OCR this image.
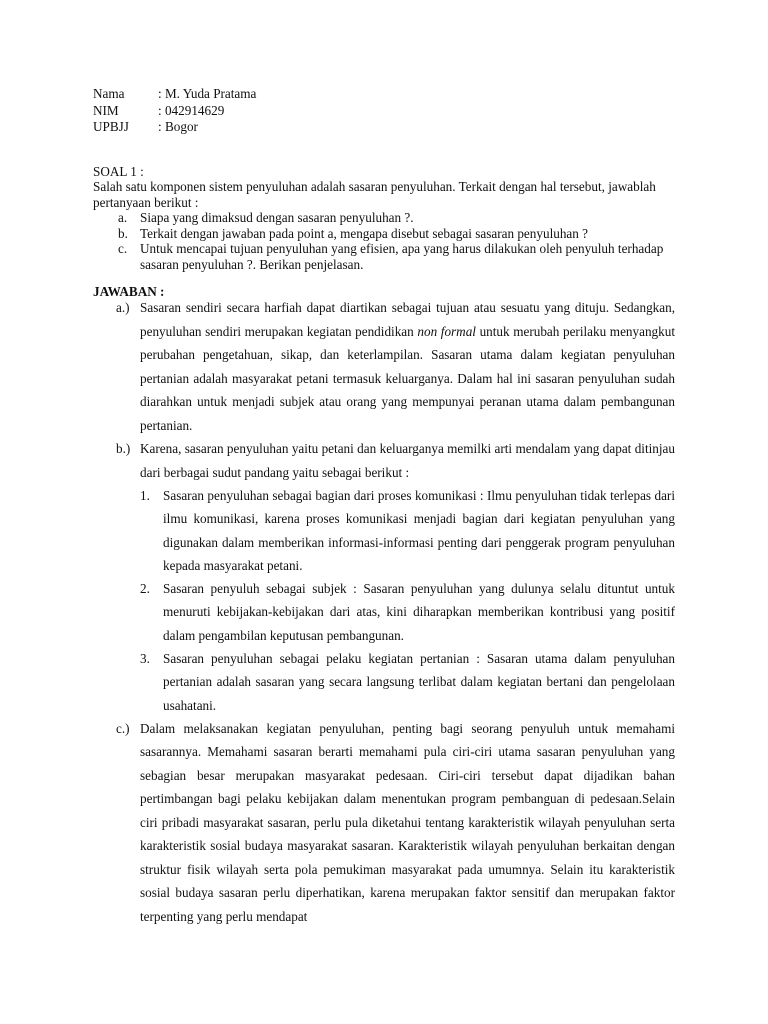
Nama	: M. Yuda Pratama
NIM	: 042914629
UPBJJ	: Bogor
SOAL 1 :
Salah satu komponen sistem penyuluhan adalah sasaran penyuluhan. Terkait dengan hal tersebut, jawablah pertanyaan berikut :
a. Siapa yang dimaksud dengan sasaran penyuluhan ?.
b. Terkait dengan jawaban pada point a, mengapa disebut sebagai sasaran penyuluhan ?
c. Untuk mencapai tujuan penyuluhan yang efisien, apa yang harus dilakukan oleh penyuluh terhadap sasaran penyuluhan ?. Berikan penjelasan.
JAWABAN :
a.) Sasaran sendiri secara harfiah dapat diartikan sebagai tujuan atau sesuatu yang dituju. Sedangkan, penyuluhan sendiri merupakan kegiatan pendidikan non formal untuk merubah perilaku menyangkut perubahan pengetahuan, sikap, dan keterlampilan. Sasaran utama dalam kegiatan penyuluhan pertanian adalah masyarakat petani termasuk keluarganya. Dalam hal ini sasaran penyuluhan sudah diarahkan untuk menjadi subjek atau orang yang mempunyai peranan utama dalam pembangunan pertanian.
b.) Karena, sasaran penyuluhan yaitu petani dan keluarganya memilki arti mendalam yang dapat ditinjau dari berbagai sudut pandang yaitu sebagai berikut :
1. Sasaran penyuluhan sebagai bagian dari proses komunikasi : Ilmu penyuluhan tidak terlepas dari ilmu komunikasi, karena proses komunikasi menjadi bagian dari kegiatan penyuluhan yang digunakan dalam memberikan informasi-informasi penting dari penggerak program penyuluhan kepada masyarakat petani.
2. Sasaran penyuluh sebagai subjek : Sasaran penyuluhan yang dulunya selalu dituntut untuk menuruti kebijakan-kebijakan dari atas, kini diharapkan memberikan kontribusi yang positif dalam pengambilan keputusan pembangunan.
3. Sasaran penyuluhan sebagai pelaku kegiatan pertanian : Sasaran utama dalam penyuluhan pertanian adalah sasaran yang secara langsung terlibat dalam kegiatan bertani dan pengelolaan usahatani.
c.) Dalam melaksanakan kegiatan penyuluhan, penting bagi seorang penyuluh untuk memahami sasarannya. Memahami sasaran berarti memahami pula ciri-ciri utama sasaran penyuluhan yang sebagian besar merupakan masyarakat pedesaan. Ciri-ciri tersebut dapat dijadikan bahan pertimbangan bagi pelaku kebijakan dalam menentukan program pembanguan di pedesaan.Selain ciri pribadi masyarakat sasaran, perlu pula diketahui tentang karakteristik wilayah penyuluhan serta karakteristik sosial budaya masyarakat sasaran. Karakteristik wilayah penyuluhan berkaitan dengan struktur fisik wilayah serta pola pemukiman masyarakat pada umumnya. Selain itu karakteristik sosial budaya sasaran perlu diperhatikan, karena merupakan faktor sensitif dan merupakan faktor terpenting yang perlu mendapat
